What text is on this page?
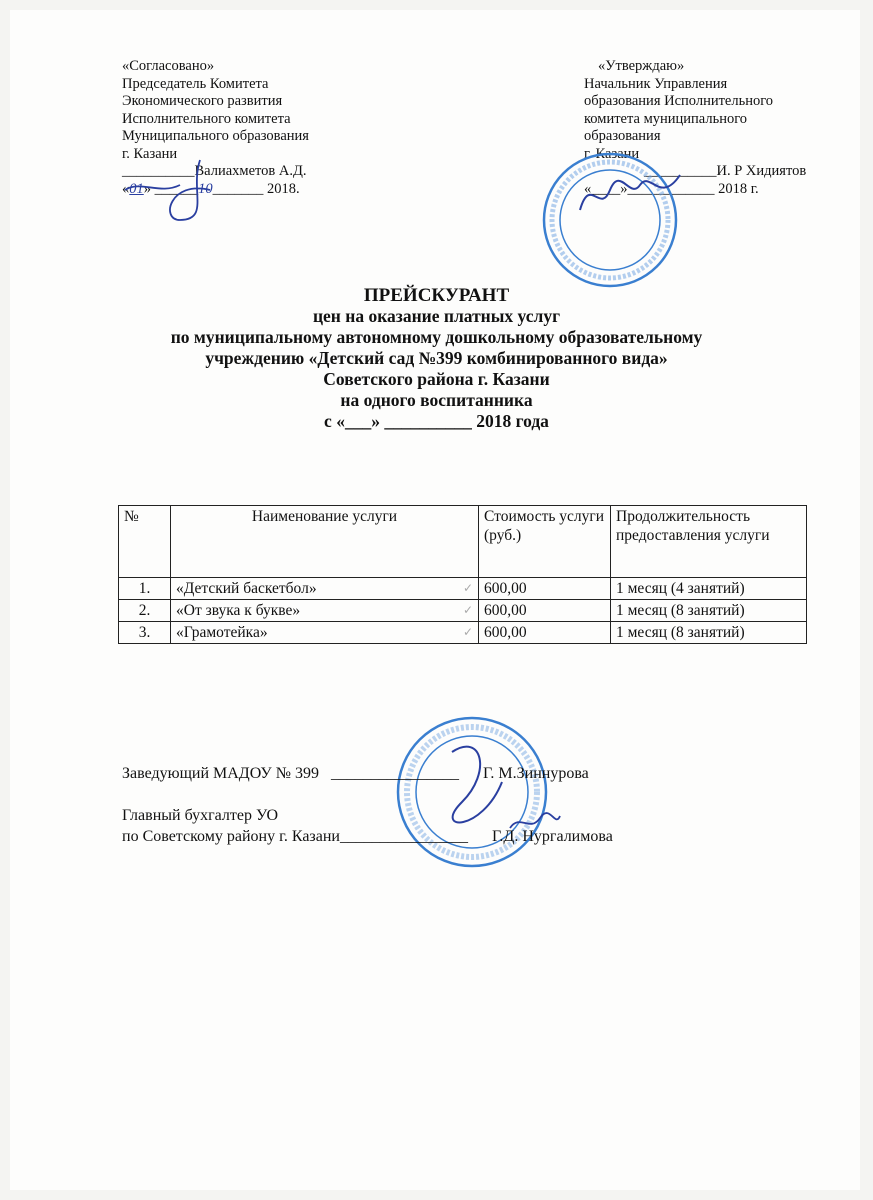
«Согласовано»
Председатель Комитета
Экономического развития
Исполнительного комитета
Муниципального образования
г. Казани
__________Валиахметов А.Д.
«01» ______10_______ 2018.
«Утверждаю»
Начальник Управления
образования Исполнительного
комитета муниципального
образования
г. Казани
__________И. Р Хидиятов
«____»____________ 2018 г.
ПРЕЙСКУРАНТ
цен на оказание платных услуг
по муниципальному автономному дошкольному образовательному
учреждению «Детский сад №399 комбинированного вида»
Советского района г. Казани
на одного воспитанника
с «___» __________ 2018 года
№	Наименование услуги	Стоимость услуги (руб.)	Продолжительность предоставления услуги
1.	«Детский баскетбол» ✓	600,00	1 месяц (4 занятий)
2.	«От звука к букве» ✓	600,00	1 месяц (8 занятий)
3.	«Грамотейка» ✓	600,00	1 месяц (8 занятий)
Заведующий МАДОУ № 399 ________________ Г. М.Зиннурова
Главный бухгалтер УО
по Советскому району г. Казани________________ Г.Д. Нургалимова
